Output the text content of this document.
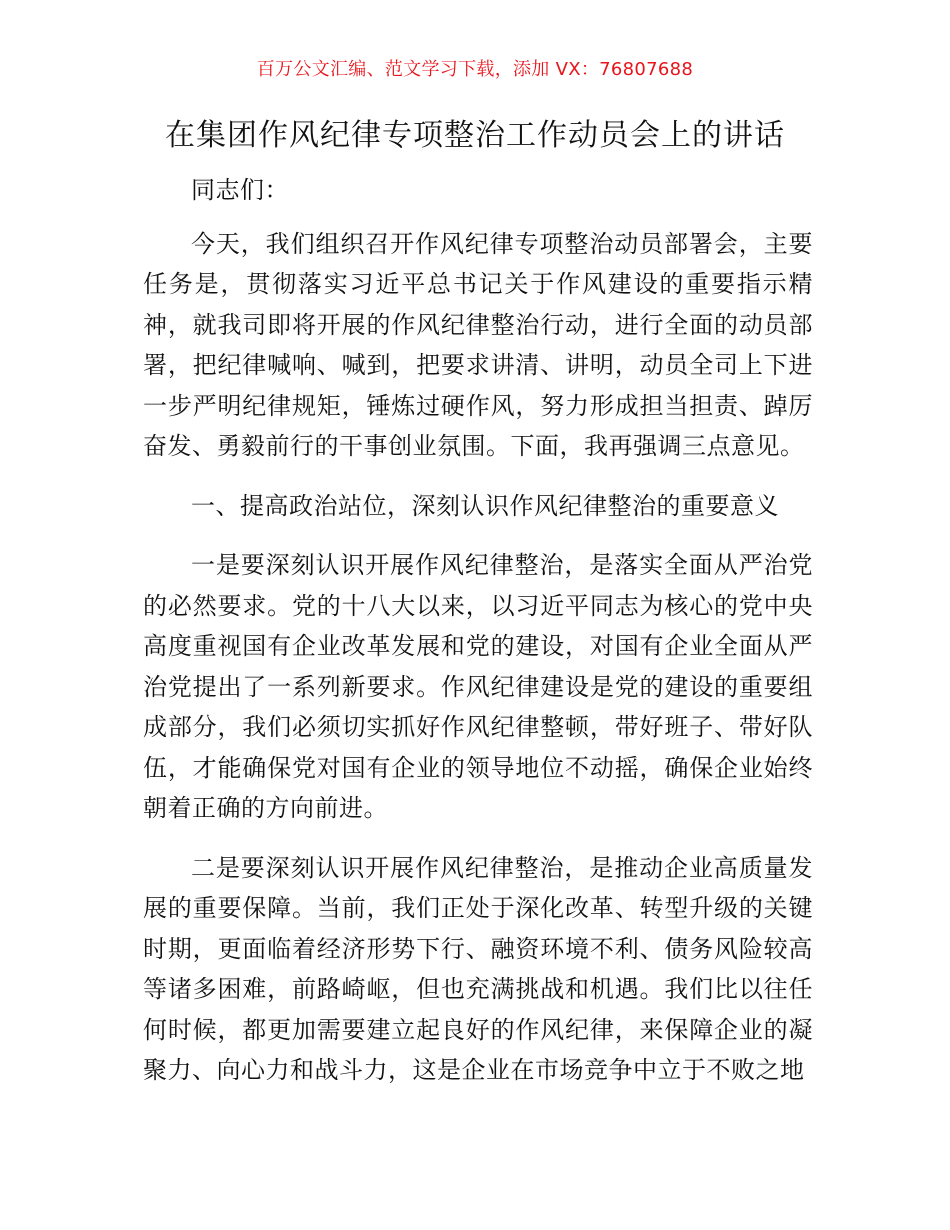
百万公文汇编、范文学习下载，添加 VX：76807688
在集团作风纪律专项整治工作动员会上的讲话

同志们：

今天，我们组织召开作风纪律专项整治动员部署会，主要任务是，贯彻落实习近平总书记关于作风建设的重要指示精神，就我司即将开展的作风纪律整治行动，进行全面的动员部署，把纪律喊响、喊到，把要求讲清、讲明，动员全司上下进一步严明纪律规矩，锤炼过硬作风，努力形成担当担责、踔厉奋发、勇毅前行的干事创业氛围。下面，我再强调三点意见。

一、提高政治站位，深刻认识作风纪律整治的重要意义

一是要深刻认识开展作风纪律整治，是落实全面从严治党的必然要求。党的十八大以来，以习近平同志为核心的党中央高度重视国有企业改革发展和党的建设，对国有企业全面从严治党提出了一系列新要求。作风纪律建设是党的建设的重要组成部分，我们必须切实抓好作风纪律整顿，带好班子、带好队伍，才能确保党对国有企业的领导地位不动摇，确保企业始终朝着正确的方向前进。

二是要深刻认识开展作风纪律整治，是推动企业高质量发展的重要保障。当前，我们正处于深化改革、转型升级的关键时期，更面临着经济形势下行、融资环境不利、债务风险较高等诸多困难，前路崎岖，但也充满挑战和机遇。我们比以往任何时候，都更加需要建立起良好的作风纪律，来保障企业的凝聚力、向心力和战斗力，这是企业在市场竞争中立于不败之地
